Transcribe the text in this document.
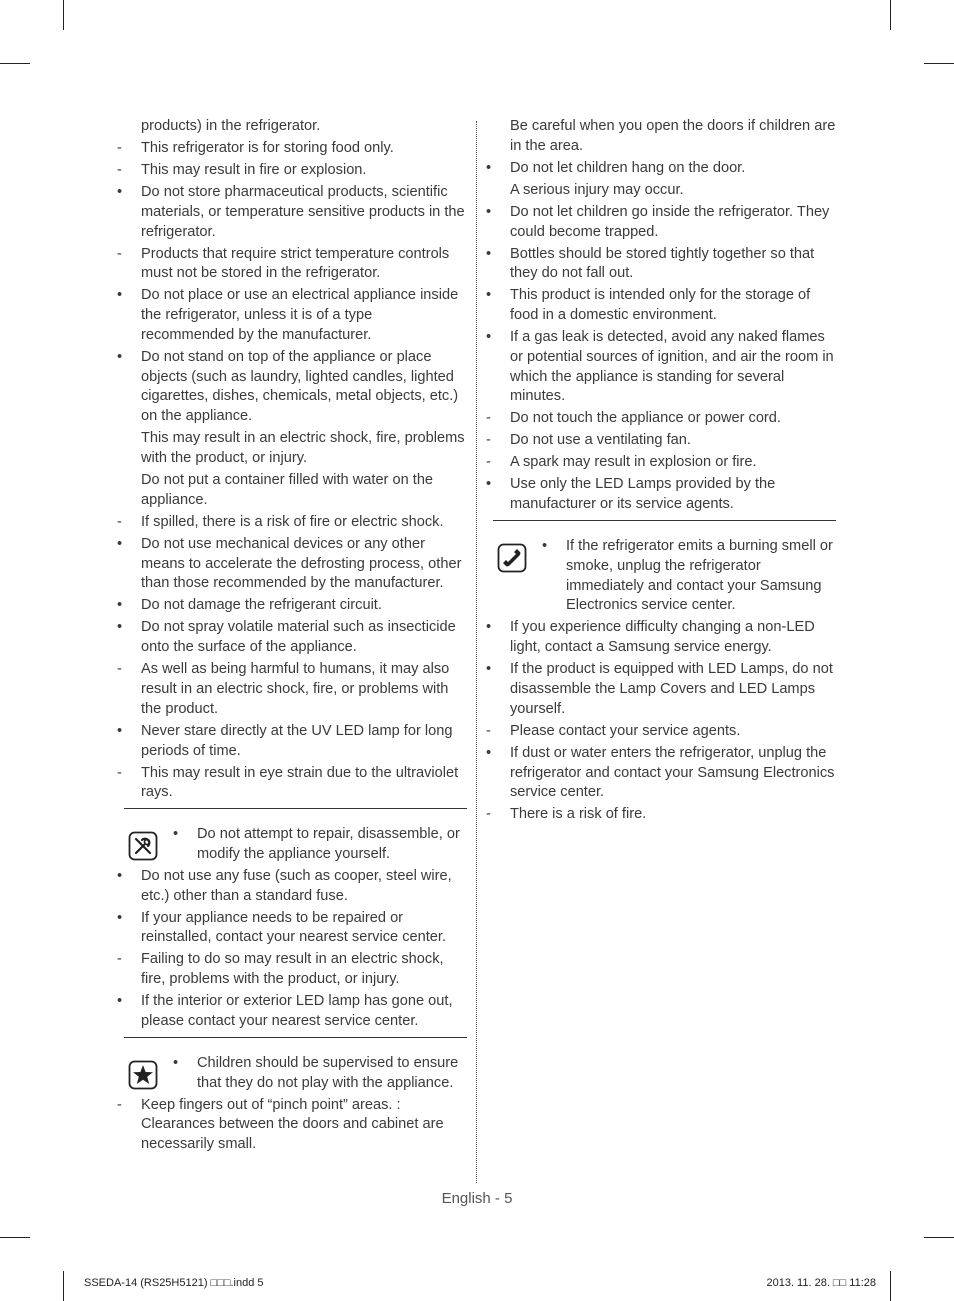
products) in the refrigerator.
-	This refrigerator is for storing food only.
-	This may result in fire or explosion.
•	Do not store pharmaceutical products, scientific materials, or temperature sensitive products in the refrigerator.
-	Products that require strict temperature controls must not be stored in the refrigerator.
•	Do not place or use an electrical appliance inside the refrigerator, unless it is of a type recommended by the manufacturer.
•	Do not stand on top of the appliance or place objects (such as laundry, lighted candles, lighted cigarettes, dishes, chemicals, metal objects, etc.) on the appliance.
This may result in an electric shock, fire, problems with the product, or injury.
Do not put a container filled with water on the appliance.
-	If spilled, there is a risk of fire or electric shock.
•	Do not use mechanical devices or any other means to accelerate the defrosting process, other than those recommended by the manufacturer.
•	Do not damage the refrigerant circuit.
•	Do not spray volatile material such as insecticide onto the surface of the appliance.
-	As well as being harmful to humans, it may also result in an electric shock, fire, or problems with the product.
•	Never stare directly at the UV LED lamp for long periods of time.
-	This may result in eye strain due to the ultraviolet rays.
•	Do not attempt to repair, disassemble, or modify the appliance yourself.
•	Do not use any fuse (such as cooper, steel wire, etc.) other than a standard fuse.
•	If your appliance needs to be repaired or reinstalled, contact your nearest service center.
-	Failing to do so may result in an electric shock, fire, problems with the product, or injury.
•	If the interior or exterior LED lamp has gone out, please contact your nearest service center.
•	Children should be supervised to ensure that they do not play with the appliance.
-	Keep fingers out of “pinch point” areas. : Clearances between the doors and cabinet are necessarily small.
Be careful when you open the doors if children are in the area.
•	Do not let children hang on the door.
A serious injury may occur.
•	Do not let children go inside the refrigerator. They could become trapped.
•	Bottles should be stored tightly together so that they do not fall out.
•	This product is intended only for the storage of food in a domestic environment.
•	If a gas leak is detected, avoid any naked flames or potential sources of ignition, and air the room in which the appliance is standing for several minutes.
-	Do not touch the appliance or power cord.
-	Do not use a ventilating fan.
-	A spark may result in explosion or fire.
•	Use only the LED Lamps provided by the manufacturer or its service agents.
•	If the refrigerator emits a burning smell or smoke, unplug the refrigerator immediately and contact your Samsung Electronics service center.
•	If you experience difficulty changing a non-LED light, contact a Samsung service energy.
•	If the product is equipped with LED Lamps, do not disassemble the Lamp Covers and LED Lamps yourself.
-	Please contact your service agents.
•	If dust or water enters the refrigerator, unplug the refrigerator and contact your Samsung Electronics service center.
-	There is a risk of fire.
English - 5
SSEDA-14 (RS25H5121) □□□.indd 5	2013. 11. 28. □□ 11:28
